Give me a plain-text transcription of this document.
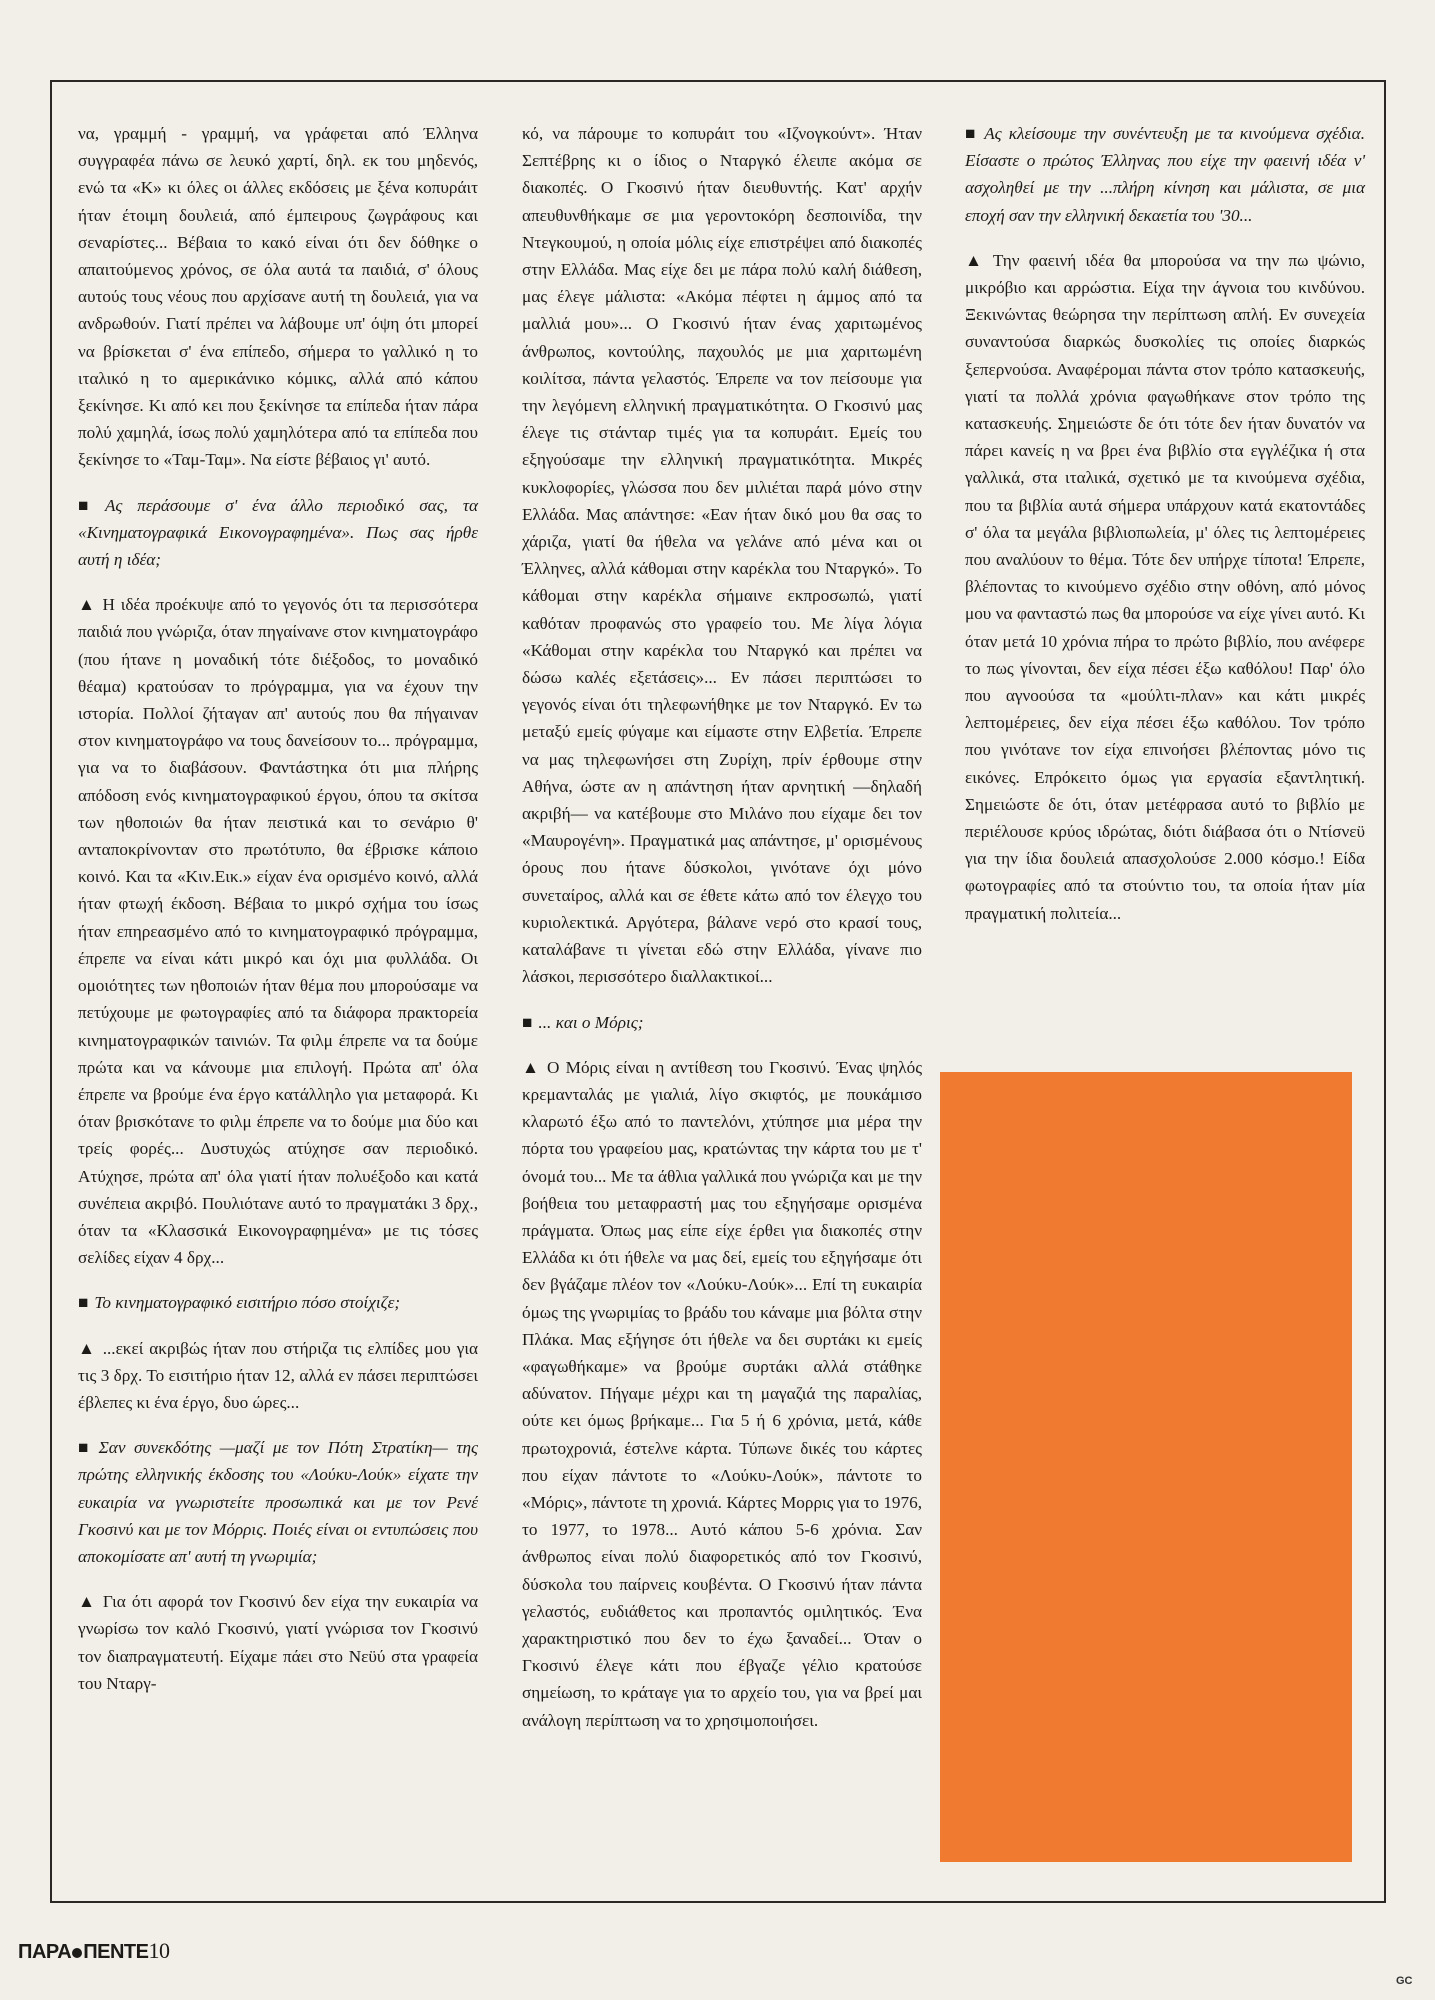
να, γραμμή - γραμμή, να γράφεται από Έλληνα συγγραφέα πάνω σε λευκό χαρτί, δηλ. εκ του μηδενός, ενώ τα «Κ» κι όλες οι άλλες εκδόσεις με ξένα κοπυράιτ ήταν έτοιμη δουλειά, από έμπειρους ζωγράφους και σεναρίστες... Βέβαια το κακό είναι ότι δεν δόθηκε ο απαιτούμενος χρόνος, σε όλα αυτά τα παιδιά, σ' όλους αυτούς τους νέους που αρχίσανε αυτή τη δουλειά, για να ανδρωθούν. Γιατί πρέπει να λάβουμε υπ' όψη ότι μπορεί να βρίσκεται σ' ένα επίπεδο, σήμερα το γαλλικό η το ιταλικό η το αμερικάνικο κόμικς, αλλά από κάπου ξεκίνησε. Κι από κει που ξεκίνησε τα επίπεδα ήταν πάρα πολύ χαμηλά, ίσως πολύ χαμηλότερα από τα επίπεδα που ξεκίνησε το «Ταμ-Ταμ». Να είστε βέβαιος γι' αυτό.

■ Ας περάσουμε σ' ένα άλλο περιοδικό σας, τα «Κινηματογραφικά Εικονογραφημένα». Πως σας ήρθε αυτή η ιδέα;

▲ Η ιδέα προέκυψε από το γεγονός ότι τα περισσότερα παιδιά που γνώριζα, όταν πηγαίνανε στον κινηματογράφο (που ήτανε η μοναδική τότε διέξοδος, το μοναδικό θέαμα) κρατούσαν το πρόγραμμα, για να έχουν την ιστορία. Πολλοί ζήταγαν απ' αυτούς που θα πήγαιναν στον κινηματογράφο να τους δανείσουν το... πρόγραμμα, για να το διαβάσουν. Φαντάστηκα ότι μια πλήρης απόδοση ενός κινηματογραφικού έργου, όπου τα σκίτσα των ηθοποιών θα ήταν πειστικά και το σενάριο θ' ανταποκρίνονταν στο πρωτότυπο, θα έβρισκε κάποιο κοινό. Και τα «Κιν.Εικ.» είχαν ένα ορισμένο κοινό, αλλά ήταν φτωχή έκδοση. Βέβαια το μικρό σχήμα του ίσως ήταν επηρεασμένο από το κινηματογραφικό πρόγραμμα, έπρεπε να είναι κάτι μικρό και όχι μια φυλλάδα. Οι ομοιότητες των ηθοποιών ήταν θέμα που μπορούσαμε να πετύχουμε με φωτογραφίες από τα διάφορα πρακτορεία κινηματογραφικών ταινιών. Τα φιλμ έπρεπε να τα δούμε πρώτα και να κάνουμε μια επιλογή. Πρώτα απ' όλα έπρεπε να βρούμε ένα έργο κατάλληλο για μεταφορά. Κι όταν βρισκότανε το φιλμ έπρεπε να το δούμε μια δύο και τρείς φορές... Δυστυχώς ατύχησε σαν περιοδικό. Ατύχησε, πρώτα απ' όλα γιατί ήταν πολυέξοδο και κατά συνέπεια ακριβό. Πουλιότανε αυτό το πραγματάκι 3 δρχ., όταν τα «Κλασσικά Εικονογραφημένα» με τις τόσες σελίδες είχαν 4 δρχ...

■ Το κινηματογραφικό εισιτήριο πόσο στοίχιζε;

▲ ...εκεί ακριβώς ήταν που στήριζα τις ελπίδες μου για τις 3 δρχ. Το εισιτήριο ήταν 12, αλλά εν πάσει περιπτώσει έβλεπες κι ένα έργο, δυο ώρες...

■ Σαν συνεκδότης —μαζί με τον Πότη Στρατίκη— της πρώτης ελληνικής έκδοσης του «Λούκυ-Λούκ» είχατε την ευκαιρία να γνωριστείτε προσωπικά και με τον Ρενέ Γκοσινύ και με τον Μόρρις. Ποιές είναι οι εντυπώσεις που αποκομίσατε απ' αυτή τη γνωριμία;

▲ Για ότι αφορά τον Γκοσινύ δεν είχα την ευκαιρία να γνωρίσω τον καλό Γκοσινύ, γιατί γνώρισα τον Γκοσινύ τον διαπραγματευτή. Είχαμε πάει στο Νεϋύ στα γραφεία του Νταργ-

κό, να πάρουμε το κοπυράιτ του «Ιζνογκούντ». Ήταν Σεπτέβρης κι ο ίδιος ο Νταργκό έλειπε ακόμα σε διακοπές. Ο Γκοσινύ ήταν διευθυντής. Κατ' αρχήν απευθυνθήκαμε σε μια γεροντοκόρη δεσποινίδα, την Ντεγκουμού, η οποία μόλις είχε επιστρέψει από διακοπές στην Ελλάδα. Μας είχε δει με πάρα πολύ καλή διάθεση, μας έλεγε μάλιστα: «Ακόμα πέφτει η άμμος από τα μαλλιά μου»... Ο Γκοσινύ ήταν ένας χαριτωμένος άνθρωπος, κοντούλης, παχουλός με μια χαριτωμένη κοιλίτσα, πάντα γελαστός. Έπρεπε να τον πείσουμε για την λεγόμενη ελληνική πραγματικότητα. Ο Γκοσινύ μας έλεγε τις στάνταρ τιμές για τα κοπυράιτ. Εμείς του εξηγούσαμε την ελληνική πραγματικότητα. Μικρές κυκλοφορίες, γλώσσα που δεν μιλιέται παρά μόνο στην Ελλάδα. Μας απάντησε: «Εαν ήταν δικό μου θα σας το χάριζα, γιατί θα ήθελα να γελάνε από μένα και οι Έλληνες, αλλά κάθομαι στην καρέκλα του Νταργκό». Το κάθομαι στην καρέκλα σήμαινε εκπροσωπώ, γιατί καθόταν προφανώς στο γραφείο του. Με λίγα λόγια «Κάθομαι στην καρέκλα του Νταργκό και πρέπει να δώσω καλές εξετάσεις»... Εν πάσει περιπτώσει το γεγονός είναι ότι τηλεφωνήθηκε με τον Νταργκό. Εν τω μεταξύ εμείς φύγαμε και είμαστε στην Ελβετία. Έπρεπε να μας τηλεφωνήσει στη Ζυρίχη, πρίν έρθουμε στην Αθήνα, ώστε αν η απάντηση ήταν αρνητική —δηλαδή ακριβή— να κατέβουμε στο Μιλάνο που είχαμε δει τον «Μαυρογένη». Πραγματικά μας απάντησε, μ' ορισμένους όρους που ήτανε δύσκολοι, γινότανε όχι μόνο συνεταίρος, αλλά και σε έθετε κάτω από τον έλεγχο του κυριολεκτικά. Αργότερα, βάλανε νερό στο κρασί τους, καταλάβανε τι γίνεται εδώ στην Ελλάδα, γίνανε πιο λάσκοι, περισσότερο διαλλακτικοί...

■ ... και ο Μόρις;

▲ Ο Μόρις είναι η αντίθεση του Γκοσινύ. Ένας ψηλός κρεμανταλάς με γιαλιά, λίγο σκιφτός, με πουκάμισο κλαρωτό έξω από το παντελόνι, χτύπησε μια μέρα την πόρτα του γραφείου μας, κρατώντας την κάρτα του με τ' όνομά του... Με τα άθλια γαλλικά που γνώριζα και με την βοήθεια του μεταφραστή μας του εξηγήσαμε ορισμένα πράγματα. Όπως μας είπε είχε έρθει για διακοπές στην Ελλάδα κι ότι ήθελε να μας δεί, εμείς του εξηγήσαμε ότι δεν βγάζαμε πλέον τον «Λούκυ-Λούκ»... Επί τη ευκαιρία όμως της γνωριμίας το βράδυ του κάναμε μια βόλτα στην Πλάκα. Μας εξήγησε ότι ήθελε να δει συρτάκι κι εμείς «φαγωθήκαμε» να βρούμε συρτάκι αλλά στάθηκε αδύνατον. Πήγαμε μέχρι και τη μαγαζιά της παραλίας, ούτε κει όμως βρήκαμε... Για 5 ή 6 χρόνια, μετά, κάθε πρωτοχρονιά, έστελνε κάρτα. Τύπωνε δικές του κάρτες που είχαν πάντοτε το «Λούκυ-Λούκ», πάντοτε το «Μόρις», πάντοτε τη χρονιά. Κάρτες Μορρις για το 1976, το 1977, το 1978... Αυτό κάπου 5-6 χρόνια. Σαν άνθρωπος είναι πολύ διαφορετικός από τον Γκοσινύ, δύσκολα του παίρνεις κουβέντα. Ο Γκοσινύ ήταν πάντα γελαστός, ευδιάθετος και προπαντός ομιλητικός. Ένα χαρακτηριστικό που δεν το έχω ξαναδεί... Όταν ο Γκοσινύ έλεγε κάτι που έβγαζε γέλιο κρατούσε σημείωση, το κράταγε για το αρχείο του, για να βρεί μαι ανάλογη περίπτωση να το χρησιμοποιήσει.

■ Ας κλείσουμε την συνέντευξη με τα κινούμενα σχέδια. Είσαστε ο πρώτος Έλληνας που είχε την φαεινή ιδέα ν' ασχοληθεί με την ...πλήρη κίνηση και μάλιστα, σε μια εποχή σαν την ελληνική δεκαετία του '30...

▲ Την φαεινή ιδέα θα μπορούσα να την πω ψώνιο, μικρόβιο και αρρώστια. Είχα την άγνοια του κινδύνου. Ξεκινώντας θεώρησα την περίπτωση απλή. Εν συνεχεία συναντούσα διαρκώς δυσκολίες τις οποίες διαρκώς ξεπερνούσα. Αναφέρομαι πάντα στον τρόπο κατασκευής, γιατί τα πολλά χρόνια φαγωθήκανε στον τρόπο της κατασκευής. Σημειώστε δε ότι τότε δεν ήταν δυνατόν να πάρει κανείς η να βρει ένα βιβλίο στα εγγλέζικα ή στα γαλλικά, στα ιταλικά, σχετικό με τα κινούμενα σχέδια, που τα βιβλία αυτά σήμερα υπάρχουν κατά εκατοντάδες σ' όλα τα μεγάλα βιβλιοπωλεία, μ' όλες τις λεπτομέρειες που αναλύουν το θέμα. Τότε δεν υπήρχε τίποτα! Έπρεπε, βλέποντας το κινούμενο σχέδιο στην οθόνη, από μόνος μου να φανταστώ πως θα μπορούσε να είχε γίνει αυτό. Κι όταν μετά 10 χρόνια πήρα το πρώτο βιβλίο, που ανέφερε το πως γίνονται, δεν είχα πέσει έξω καθόλου! Παρ' όλο που αγνοούσα τα «μούλτι-πλαν» και κάτι μικρές λεπτομέρειες, δεν είχα πέσει έξω καθόλου. Τον τρόπο που γινότανε τον είχα επινοήσει βλέποντας μόνο τις εικόνες. Επρόκειτο όμως για εργασία εξαντλητική. Σημειώστε δε ότι, όταν μετέφρασα αυτό το βιβλίο με περιέλουσε κρύος ιδρώτας, διότι διάβασα ότι ο Ντίσνεϋ για την ίδια δουλειά απασχολούσε 2.000 κόσμο.! Είδα φωτογραφίες από τα στούντιο του, τα οποία ήταν μία πραγματική πολιτεία...

ΠΑΡΑ ΠΕΝΤΕ10
GC
